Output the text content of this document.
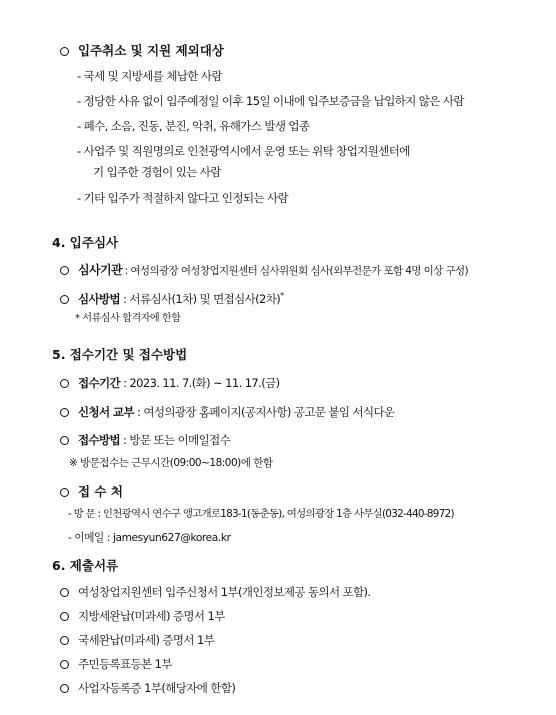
입주취소 및 지원 제외대상
- 국세 및 지방세를 체납한 사람
- 정당한 사유 없이 입주예정일 이후 15일 이내에 입주보증금을 납입하지 않은 사람
- 폐수, 소음, 진동, 분진, 악취, 유해가스 발생 업종
- 사업주 및 직원명의로 인천광역시에서 운영 또는 위탁 창업지원센터에
기 입주한 경험이 있는 사람
- 기타 입주가 적절하지 않다고 인정되는 사람
4. 입주심사
심사기관 : 여성의광장 여성창업지원센터 심사위원회 심사(외부전문가 포함 4명 이상 구성)
심사방법 : 서류심사(1차) 및 면접심사(2차)*
* 서류심사 합격자에 한함
5. 접수기간 및 접수방법
접수기간 : 2023. 11. 7.(화) ~ 11. 17.(금)
신청서 교부 : 여성의광장 홈페이지(공지사항) 공고문 붙임 서식다운
접수방법 : 방문 또는 이메일접수
※ 방문접수는 근무시간(09:00~18:00)에 한함
접 수 처
- 방 문 : 인천광역시 연수구 앵고개로183-1(동춘동), 여성의광장 1층 사무실(032-440-8972)
- 이메일 : jamesyun627@korea.kr
6. 제출서류
여성창업지원센터 입주신청서 1부(개인정보제공 동의서 포함).
지방세완납(미과세) 증명서 1부
국세완납(미과세) 증명서 1부
주민등록표등본 1부
사업자등록증 1부(해당자에 한함)
